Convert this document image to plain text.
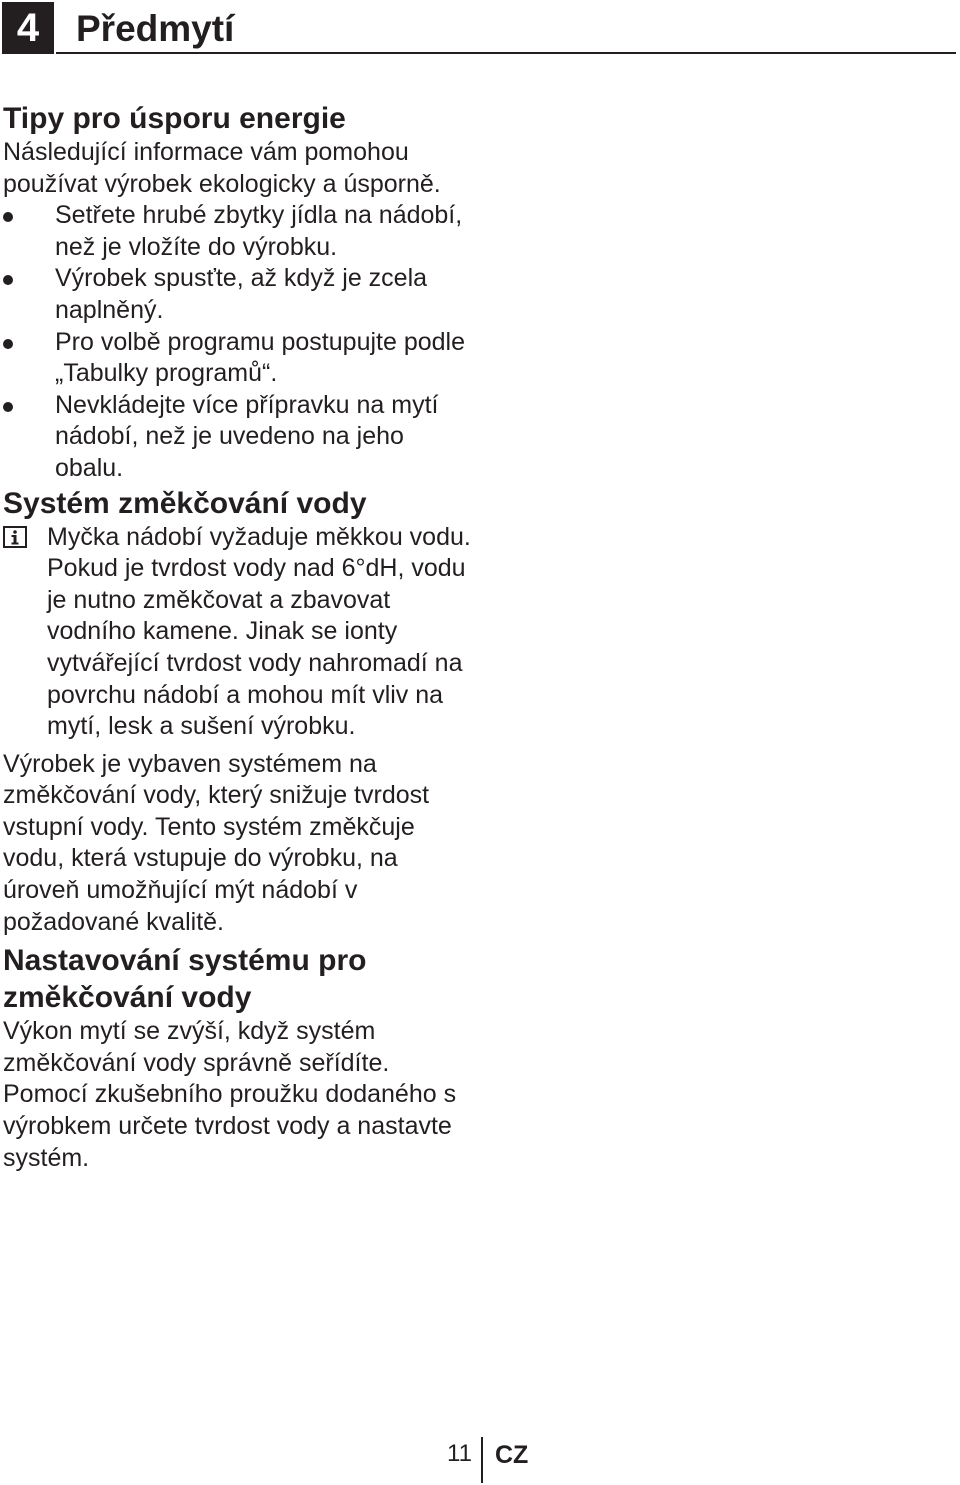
4 Předmytí
Tipy pro úsporu energie

Následující informace vám pomohou používat výrobek ekologicky a úsporně.

Setřete hrubé zbytky jídla na nádobí, než je vložíte do výrobku.
Výrobek spusťte, až když je zcela naplněný.
Pro volbě programu postupujte podle „Tabulky programů“.
Nevkládejte více přípravku na mytí nádobí, než je uvedeno na jeho obalu.
Systém změkčování vody
Myčka nádobí vyžaduje měkkou vodu. Pokud je tvrdost vody nad 6°dH, vodu je nutno změkčovat a zbavovat vodního kamene. Jinak se ionty vytvářející tvrdost vody nahromadí na povrchu nádobí a mohou mít vliv na mytí, lesk a sušení výrobku.

Výrobek je vybaven systémem na změkčování vody, který snižuje tvrdost vstupní vody. Tento systém změkčuje vodu, která vstupuje do výrobku, na úroveň umožňující mýt nádobí v požadované kvalitě.

Nastavování systému pro změkčování vody

Výkon mytí se zvýší, když systém změkčování vody správně seřídíte. Pomocí zkušebního proužku dodaného s výrobkem určete tvrdost vody a nastavte systém.

11 CZ
